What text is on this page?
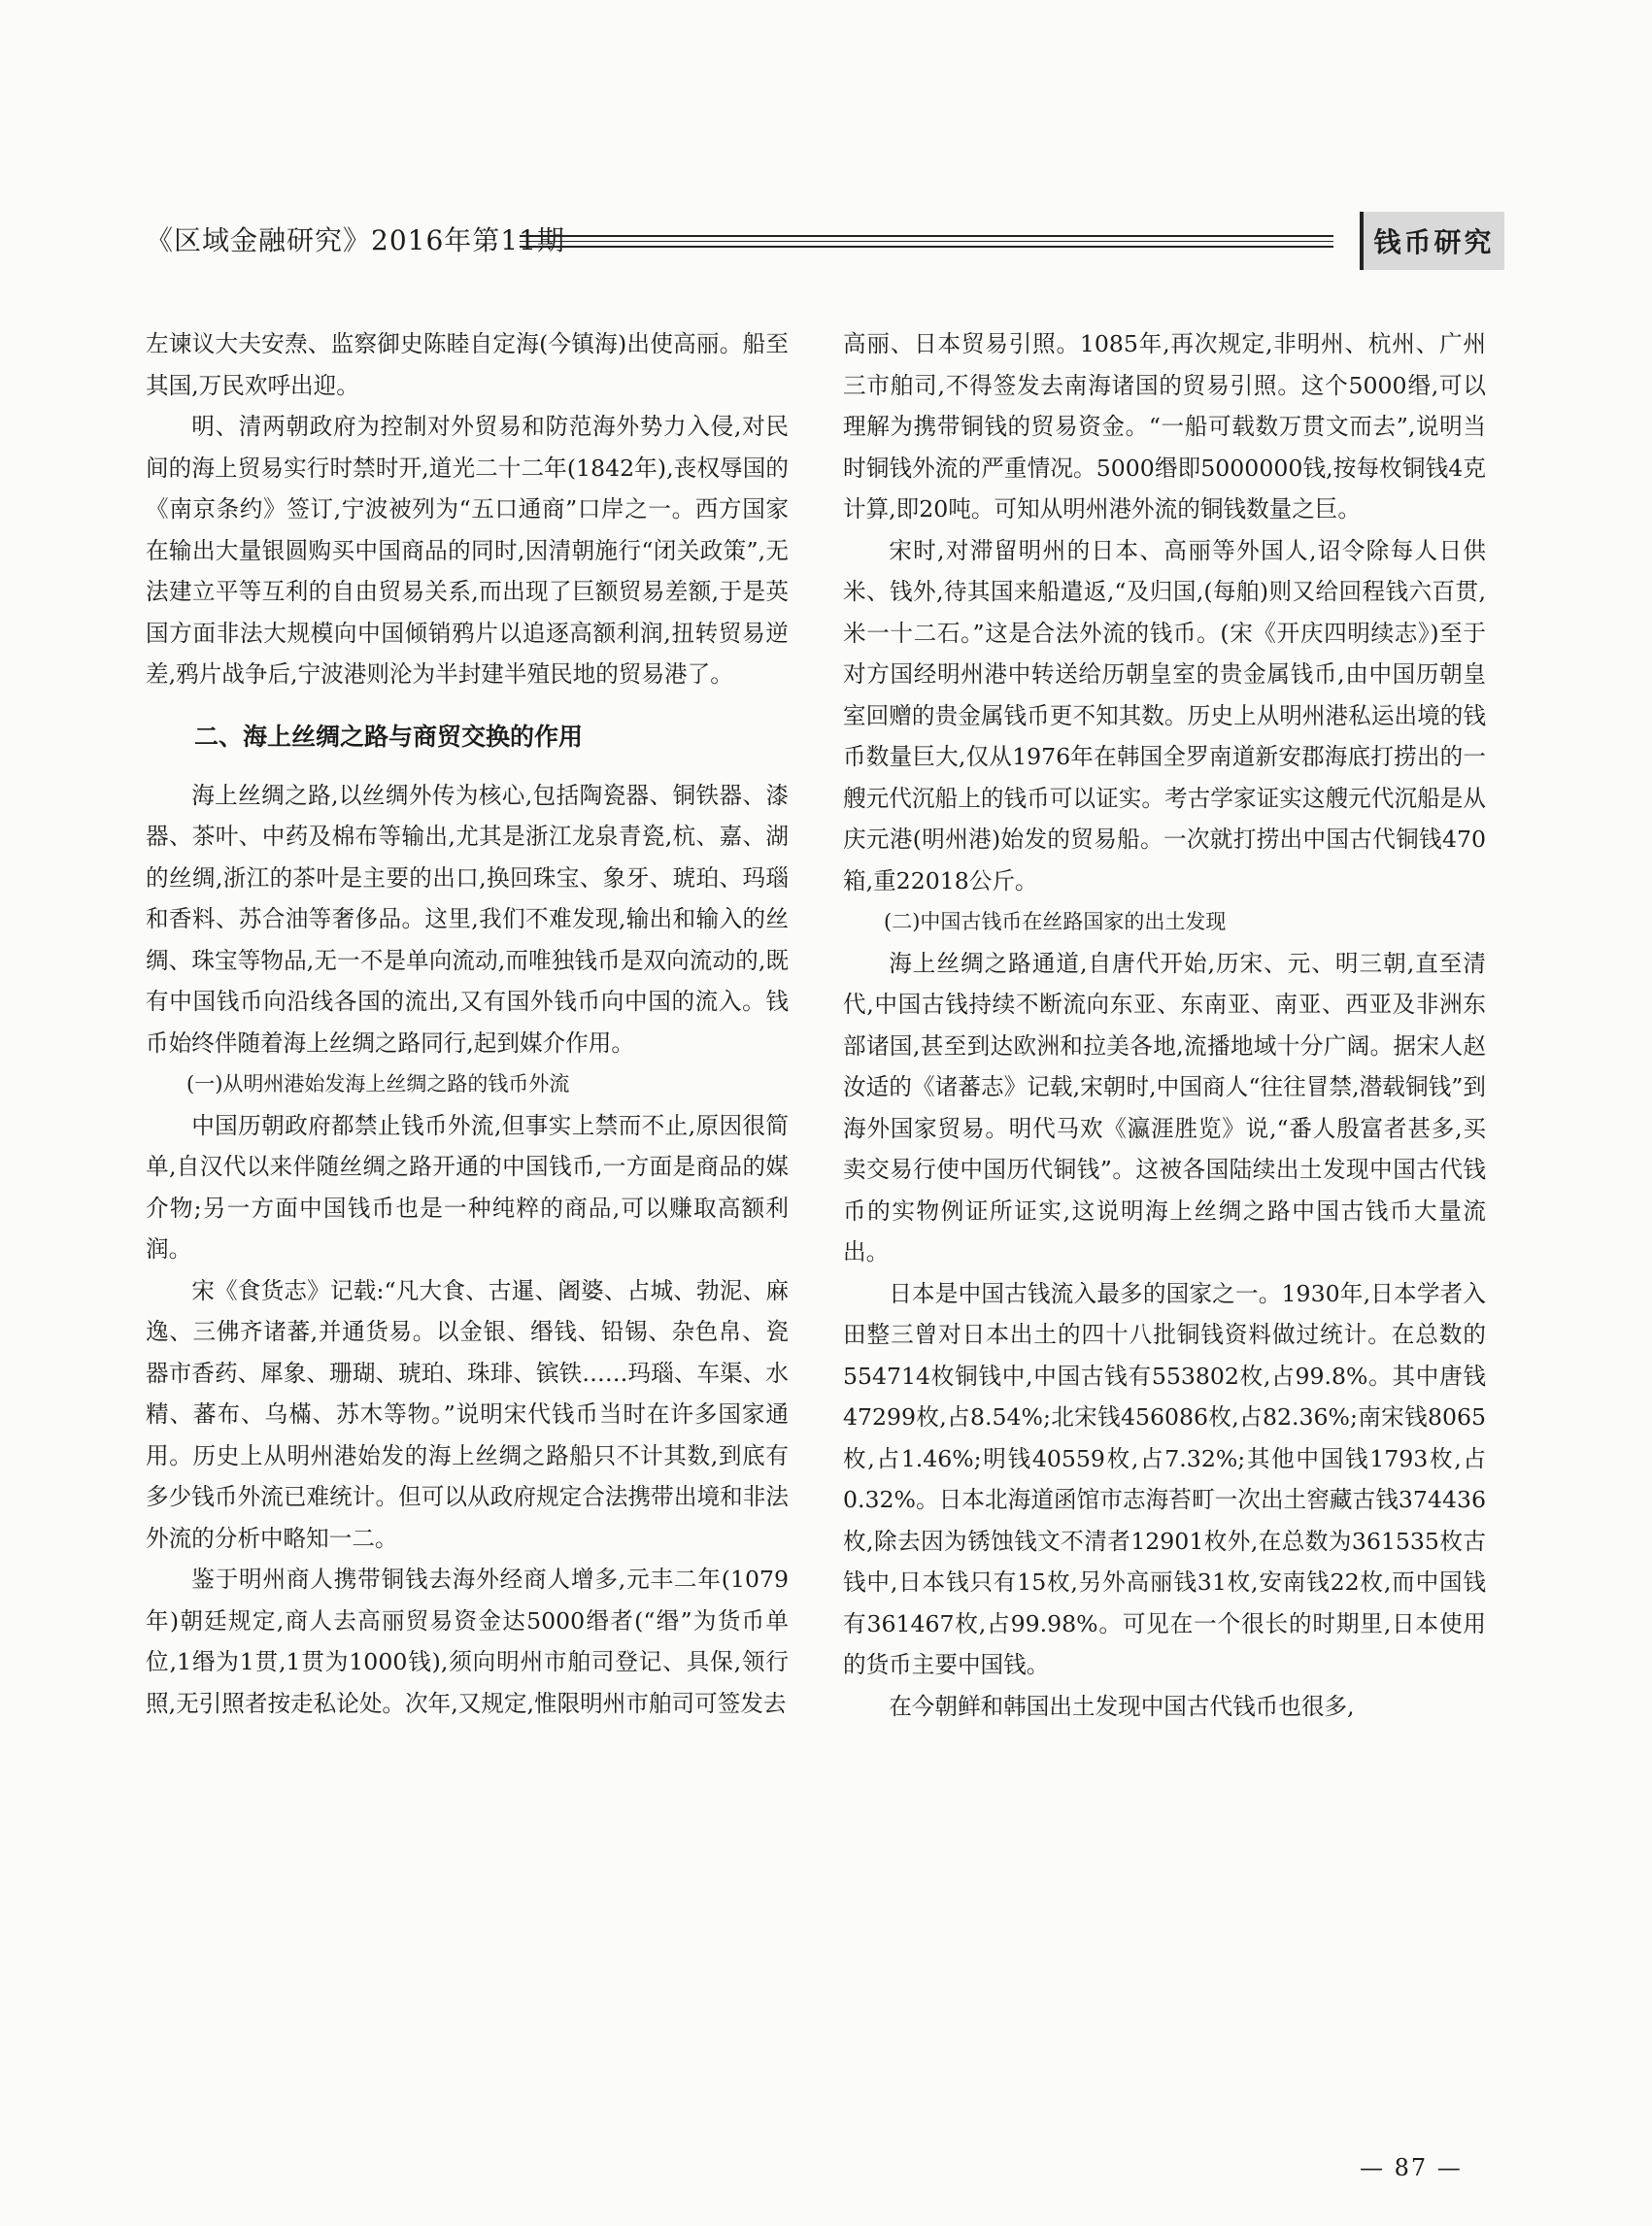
《区域金融研究》2016年第11期	钱币研究

左谏议大夫安焘、监察御史陈睦自定海(今镇海)出使高丽。船至其国,万民欢呼出迎。

明、清两朝政府为控制对外贸易和防范海外势力入侵,对民间的海上贸易实行时禁时开,道光二十二年(1842年),丧权辱国的《南京条约》签订,宁波被列为“五口通商”口岸之一。西方国家在输出大量银圆购买中国商品的同时,因清朝施行“闭关政策”,无法建立平等互利的自由贸易关系,而出现了巨额贸易差额,于是英国方面非法大规模向中国倾销鸦片以追逐高额利润,扭转贸易逆差,鸦片战争后,宁波港则沦为半封建半殖民地的贸易港了。

二、海上丝绸之路与商贸交换的作用

海上丝绸之路,以丝绸外传为核心,包括陶瓷器、铜铁器、漆器、茶叶、中药及棉布等输出,尤其是浙江龙泉青瓷,杭、嘉、湖的丝绸,浙江的茶叶是主要的出口,换回珠宝、象牙、琥珀、玛瑙和香料、苏合油等奢侈品。这里,我们不难发现,输出和输入的丝绸、珠宝等物品,无一不是单向流动,而唯独钱币是双向流动的,既有中国钱币向沿线各国的流出,又有国外钱币向中国的流入。钱币始终伴随着海上丝绸之路同行,起到媒介作用。

(一)从明州港始发海上丝绸之路的钱币外流

中国历朝政府都禁止钱币外流,但事实上禁而不止,原因很简单,自汉代以来伴随丝绸之路开通的中国钱币,一方面是商品的媒介物;另一方面中国钱币也是一种纯粹的商品,可以赚取高额利润。

宋《食货志》记载:“凡大食、古暹、阇婆、占城、勃泥、麻逸、三佛齐诸蕃,并通货易。以金银、缗钱、铅锡、杂色帛、瓷器市香药、犀象、珊瑚、琥珀、珠琲、镔铁……玛瑙、车渠、水精、蕃布、乌樠、苏木等物。”说明宋代钱币当时在许多国家通用。历史上从明州港始发的海上丝绸之路船只不计其数,到底有多少钱币外流已难统计。但可以从政府规定合法携带出境和非法外流的分析中略知一二。

鉴于明州商人携带铜钱去海外经商人增多,元丰二年(1079年)朝廷规定,商人去高丽贸易资金达5000缗者(“缗”为货币单位,1缗为1贯,1贯为1000钱),须向明州市舶司登记、具保,领行照,无引照者按走私论处。次年,又规定,惟限明州市舶司可签发去

高丽、日本贸易引照。1085年,再次规定,非明州、杭州、广州三市舶司,不得签发去南海诸国的贸易引照。这个5000缗,可以理解为携带铜钱的贸易资金。“一船可载数万贯文而去”,说明当时铜钱外流的严重情况。5000缗即5000000钱,按每枚铜钱4克计算,即20吨。可知从明州港外流的铜钱数量之巨。

宋时,对滞留明州的日本、高丽等外国人,诏令除每人日供米、钱外,待其国来船遣返,“及归国,(每舶)则又给回程钱六百贯,米一十二石。”这是合法外流的钱币。(宋《开庆四明续志》)至于对方国经明州港中转送给历朝皇室的贵金属钱币,由中国历朝皇室回赠的贵金属钱币更不知其数。历史上从明州港私运出境的钱币数量巨大,仅从1976年在韩国全罗南道新安郡海底打捞出的一艘元代沉船上的钱币可以证实。考古学家证实这艘元代沉船是从庆元港(明州港)始发的贸易船。一次就打捞出中国古代铜钱470箱,重22018公斤。

(二)中国古钱币在丝路国家的出土发现

海上丝绸之路通道,自唐代开始,历宋、元、明三朝,直至清代,中国古钱持续不断流向东亚、东南亚、南亚、西亚及非洲东部诸国,甚至到达欧洲和拉美各地,流播地域十分广阔。据宋人赵汝适的《诸蕃志》记载,宋朝时,中国商人“往往冒禁,潜载铜钱”到海外国家贸易。明代马欢《瀛涯胜览》说,“番人殷富者甚多,买卖交易行使中国历代铜钱”。这被各国陆续出土发现中国古代钱币的实物例证所证实,这说明海上丝绸之路中国古钱币大量流出。

日本是中国古钱流入最多的国家之一。1930年,日本学者入田整三曾对日本出土的四十八批铜钱资料做过统计。在总数的554714枚铜钱中,中国古钱有553802枚,占99.8%。其中唐钱47299枚,占8.54%;北宋钱456086枚,占82.36%;南宋钱8065枚,占1.46%;明钱40559枚,占7.32%;其他中国钱1793枚,占0.32%。日本北海道函馆市志海苔町一次出土窖藏古钱374436枚,除去因为锈蚀钱文不清者12901枚外,在总数为361535枚古钱中,日本钱只有15枚,另外高丽钱31枚,安南钱22枚,而中国钱有361467枚,占99.98%。可见在一个很长的时期里,日本使用的货币主要中国钱。

在今朝鲜和韩国出土发现中国古代钱币也很多,

— 87 —
